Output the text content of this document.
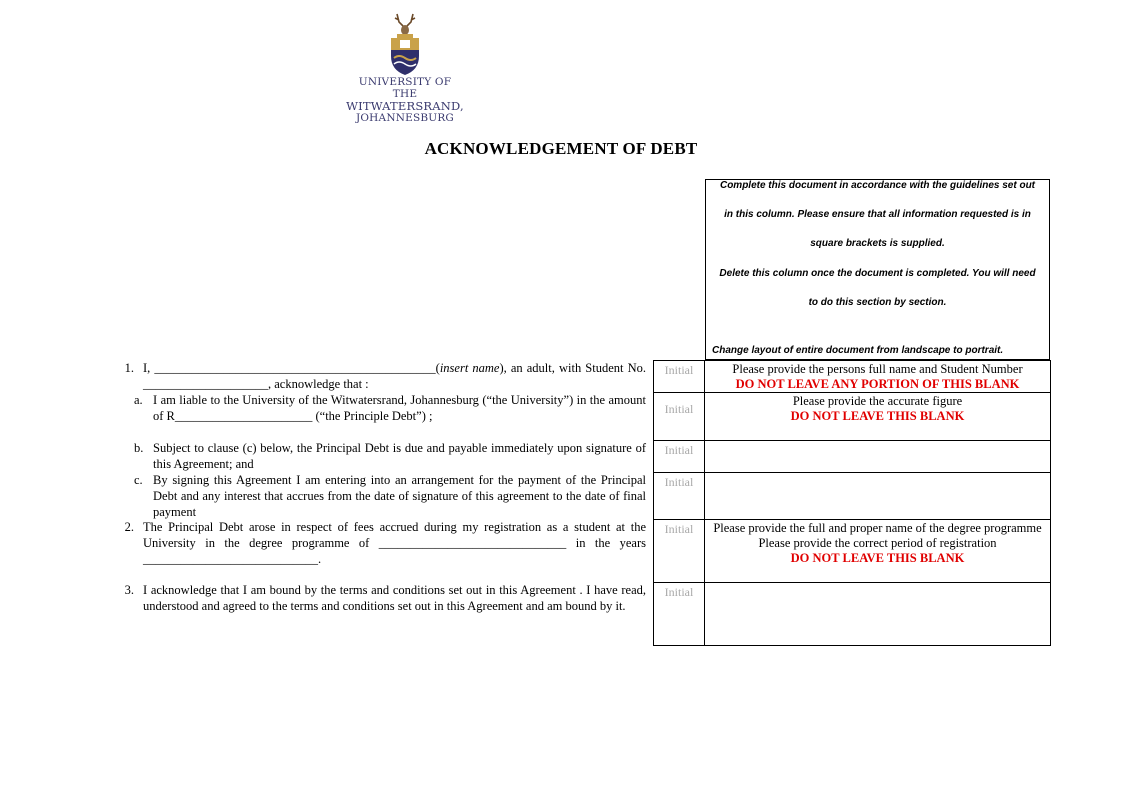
UNIVERSITY OF THE
WITWATERSRAND,
JOHANNESBURG
ACKNOWLEDGEMENT OF DEBT

Complete this document in accordance with the guidelines set out

in this column. Please ensure that all information requested is in

square brackets is supplied.

Delete this column once the document is completed. You will need

to do this section by section.

Change layout of entire document from landscape to portrait.

1. I, _____________________________________________(insert name), an adult, with Student No. ____________________, acknowledge that :
a. I am liable to the University of the Witwatersrand, Johannesburg (“the University”) in the amount of R______________________ (“the Principle Debt”) ;
b. Subject to clause (c) below, the Principal Debt is due and payable immediately upon signature of this Agreement; and
c. By signing this Agreement I am entering into an arrangement for the payment of the Principal Debt and any interest that accrues from the date of signature of this agreement to the date of final payment
2. The Principal Debt arose in respect of fees accrued during my registration as a student at the University in the degree programme of ______________________________ in the years ____________________________.
3. I acknowledge that I am bound by the terms and conditions set out in this Agreement . I have read, understood and agreed to the terms and conditions set out in this Agreement and am bound by it.
Initial	Please provide the persons full name and Student Number
DO NOT LEAVE ANY PORTION OF THIS BLANK

Initial	Please provide the accurate figure
DO NOT LEAVE THIS BLANK

Initial	
Initial	
Initial	Please provide the full and proper name of the degree programme
Please provide the correct period of registration
DO NOT LEAVE THIS BLANK

Initial	
